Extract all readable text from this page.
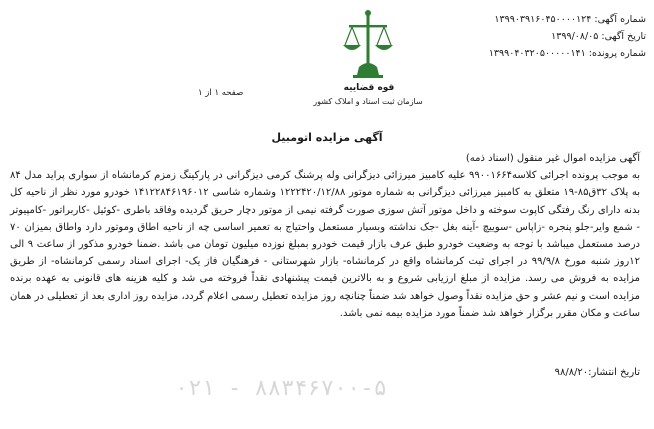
شماره آگهی: ۱۳۹۹۰۳۹۱۶۰۴۵۰۰۰۰۱۲۴
تاریخ آگهی: ۱۳۹۹/۰۸/۰۵
شماره پرونده: ۱۳۹۹۰۴۰۳۲۰۵۰۰۰۰۰۱۴۱
قوه قضاییه
سازمان ثبت اسناد و املاک کشور
صفحه ۱ از ۱
آگهی مزایده اتومبیل

آگهی مزایده اموال غیر منقول (اسناد ذمه)

به موجب پرونده اجرائی کلاسه۹۹۰۰۱۶۶۴ علیه کامبیز میرزائی دیزگرانی وله پرشنگ کرمی دیزگرانی در پارکینگ زمزم کرمانشاه از سواری پراید مدل ۸۴ به پلاک ۳۲ق۸۵-۱۹ متعلق به کامبیز میرزائی دیزگرانی به شماره موتور ۱۲۲۲۴۲۰/۱۲/۸۸ وشماره شاسی ۱۴۱۲۲۸۴۶۱۹۶۰۱۲ خودرو مورد نظر از ناحیه کل بدنه دارای رنگ رفتگی کاپوت سوخته و داخل موتور آتش سوزی صورت گرفته نیمی از موتور دچار حریق گردیده وفاقد باطری -کوئیل -کاربراتور -کامپیوتر - شمع وایر-جلو پنجره -زاپاس -سوییچ -آینه بغل -جک نداشته وبسیار مستعمل واحتیاج به تعمیر اساسی چه از ناحیه اطاق وموتور دارد واطاق بمیزان ۷۰ درصد مستعمل میباشد با توجه به وضعیت خودرو طبق عرف بازار قیمت خودرو بمبلغ نوزده میلیون تومان می باشد .ضمنا خودرو مذکور از ساعت ۹ الی ۱۲روز شنبه مورخ ۹۹/۹/۸ در اجرای ثبت کرمانشاه واقع در کرمانشاه- بازار شهرستانی - فرهنگیان فاز یک- اجرای اسناد رسمی کرمانشاه- از طریق مزایده به فروش می رسد. مزایده از مبلغ ارزیابی شروع و به بالاترین قیمت پیشنهادی نقداً فروخته می شد و کلیه هزینه های قانونی به عهده برنده مزایده است و نیم عشر و حق مزایده نقداً وصول خواهد شد ضمناً چنانچه روز مزایده تعطیل رسمی اعلام گردد، مزایده روز اداری بعد از تعطیلی در همان ساعت و مکان مقرر برگزار خواهد شد ضمناً مورد مزایده بیمه نمی باشد.

تاریخ انتشار:۹۸/۸/۲۰
۰۲۱ - ۸۸۳۴۶۷۰۰-۵
